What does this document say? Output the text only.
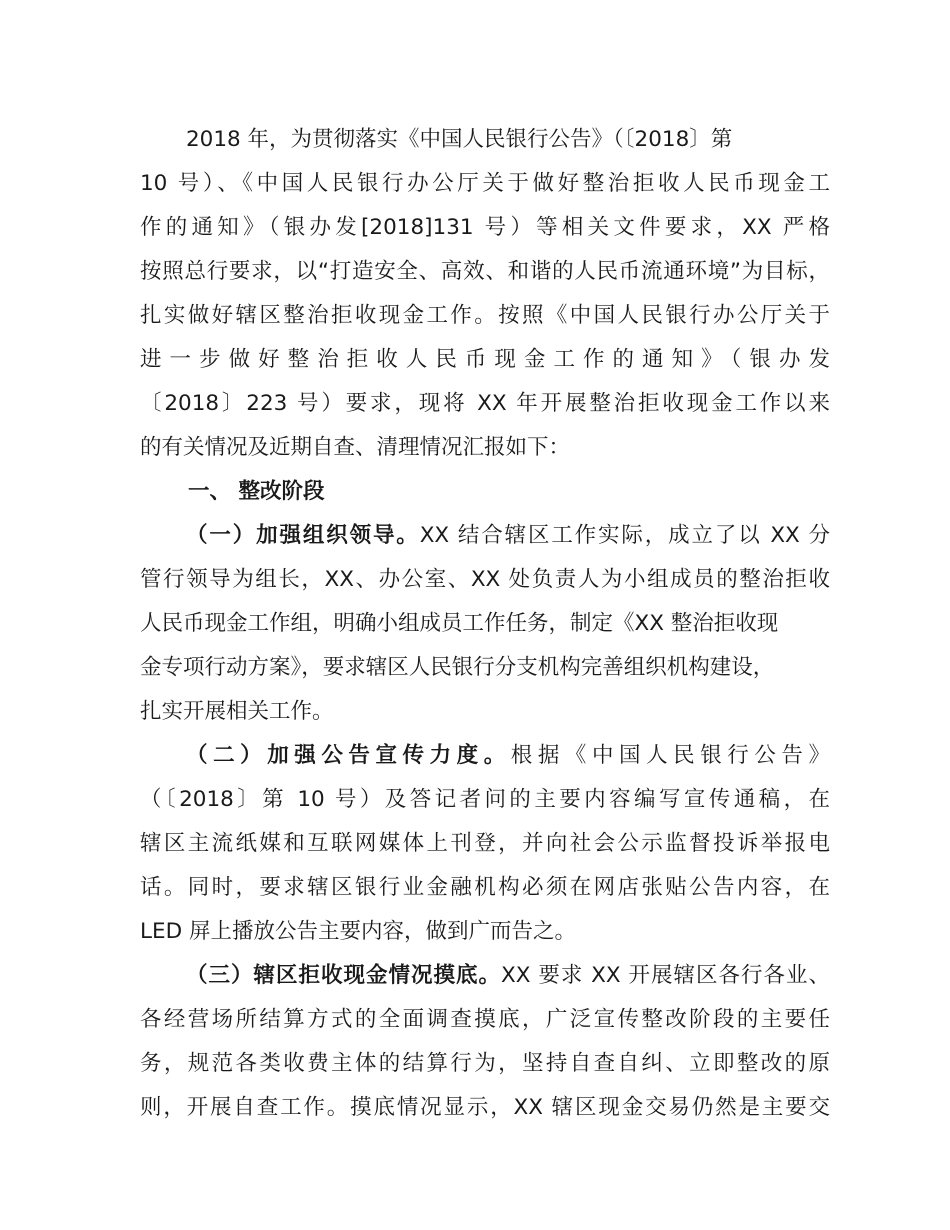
2018 年，为贯彻落实《中国人民银行公告》（〔2018〕第
10 号）、《中国人民银行办公厅关于做好整治拒收人民币现金工
作的通知》（银办发[2018]131 号）等相关文件要求，XX 严格
按照总行要求，以“打造安全、高效、和谐的人民币流通环境”为目标，
扎实做好辖区整治拒收现金工作。按照《中国人民银行办公厅关于
进一步做好整治拒收人民币现金工作的通知》（银办发
〔2018〕223 号）要求，现将 XX 年开展整治拒收现金工作以来
的有关情况及近期自查、清理情况汇报如下：
一、 整改阶段
（一）加强组织领导。XX 结合辖区工作实际，成立了以 XX 分
管行领导为组长，XX、办公室、XX 处负责人为小组成员的整治拒收
人民币现金工作组，明确小组成员工作任务，制定《XX 整治拒收现
金专项行动方案》，要求辖区人民银行分支机构完善组织机构建设，
扎实开展相关工作。
（二）加强公告宣传力度。根据《中国人民银行公告》
（〔2018〕第 10 号）及答记者问的主要内容编写宣传通稿，在
辖区主流纸媒和互联网媒体上刊登，并向社会公示监督投诉举报电
话。同时，要求辖区银行业金融机构必须在网店张贴公告内容，在
LED 屏上播放公告主要内容，做到广而告之。
（三）辖区拒收现金情况摸底。XX 要求 XX 开展辖区各行各业、
各经营场所结算方式的全面调查摸底，广泛宣传整改阶段的主要任
务，规范各类收费主体的结算行为，坚持自查自纠、立即整改的原
则，开展自查工作。摸底情况显示，XX 辖区现金交易仍然是主要交
